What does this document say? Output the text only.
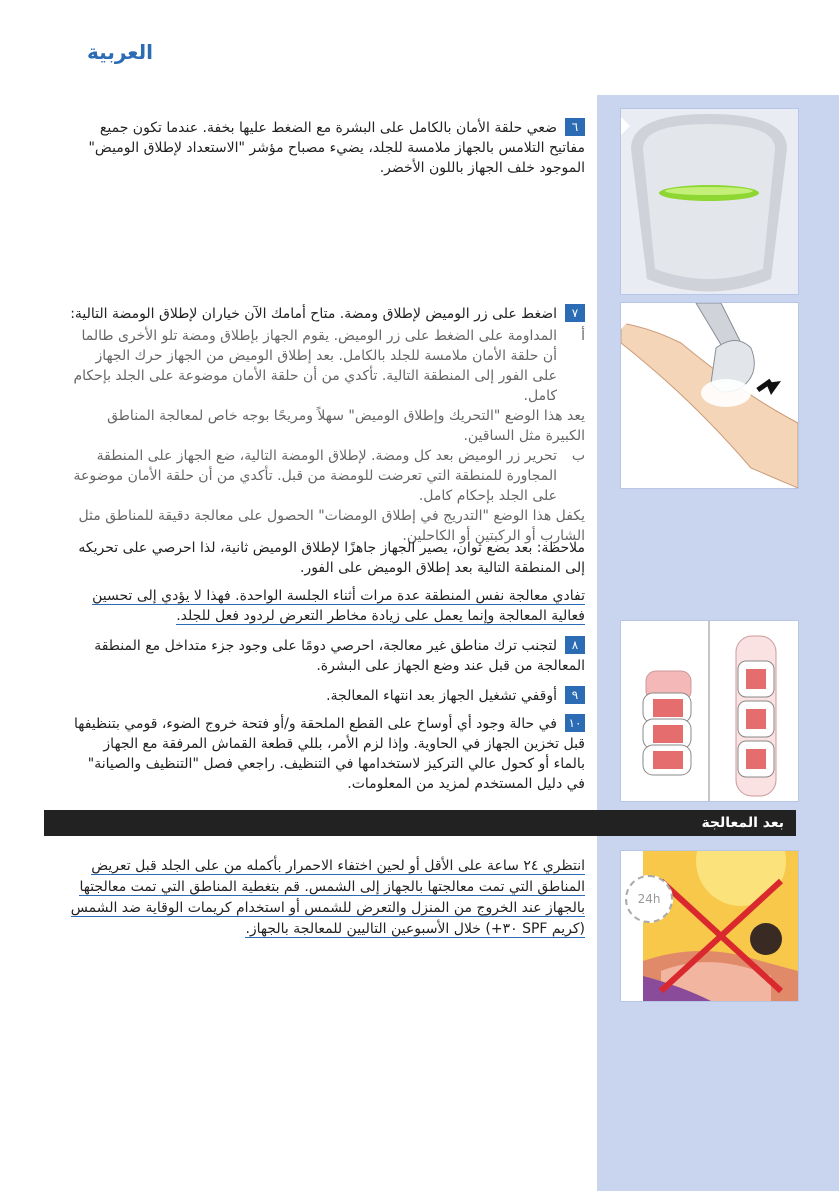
العربية
٦ضعي حلقة الأمان بالكامل على البشرة مع الضغط عليها بخفة. عندما تكون جميع مفاتيح التلامس بالجهاز ملامسة للجلد، يضيء مصباح مؤشر "الاستعداد لإطلاق الوميض" الموجود خلف الجهاز باللون الأخضر.
٧اضغط على زر الوميض لإطلاق ومضة. متاح أمامك الآن خياران لإطلاق الومضة التالية:
أ
المداومة على الضغط على زر الوميض. يقوم الجهاز بإطلاق ومضة تلو الأخرى طالما أن حلقة الأمان ملامسة للجلد بالكامل. بعد إطلاق الوميض من الجهاز حرك الجهاز على الفور إلى المنطقة التالية. تأكدي من أن حلقة الأمان موضوعة على الجلد بإحكام كامل.
يعد هذا الوضع "التحريك وإطلاق الوميض" سهلاً ومريحًا بوجه خاص لمعالجة المناطق الكبيرة مثل الساقين.
ب
تحرير زر الوميض بعد كل ومضة. لإطلاق الومضة التالية، ضع الجهاز على المنطقة المجاورة للمنطقة التي تعرضت للومضة من قبل. تأكدي من أن حلقة الأمان موضوعة على الجلد بإحكام كامل.
يكفل هذا الوضع "التدريج في إطلاق الومضات" الحصول على معالجة دقيقة للمناطق مثل الشارب أو الركبتين أو الكاحلين.
ملاحظة: بعد بضع ثوان، يصير الجهاز جاهزًا لإطلاق الوميض ثانية، لذا احرصي على تحريكه إلى المنطقة التالية بعد إطلاق الوميض على الفور.
تفادي معالجة نفس المنطقة عدة مرات أثناء الجلسة الواحدة. فهذا لا يؤدي إلى تحسين فعالية المعالجة وإنما يعمل على زيادة مخاطر التعرض لردود فعل للجلد.
٨لتجنب ترك مناطق غير معالجة، احرصي دومًا على وجود جزء متداخل مع المنطقة المعالجة من قبل عند وضع الجهاز على البشرة.
٩أوقفي تشغيل الجهاز بعد انتهاء المعالجة.
١٠في حالة وجود أي أوساخ على القطع الملحقة و/أو فتحة خروج الضوء، قومي بتنظيفها قبل تخزين الجهاز في الحاوية. وإذا لزم الأمر، بللي قطعة القماش المرفقة مع الجهاز بالماء أو كحول عالي التركيز لاستخدامها في التنظيف. راجعي فصل "التنظيف والصيانة" في دليل المستخدم لمزيد من المعلومات.
بعد المعالجة
انتظري ٢٤ ساعة على الأقل أو لحين اختفاء الاحمرار بأكمله من على الجلد قبل تعريض المناطق التي تمت معالجتها بالجهاز إلى الشمس. قم بتغطية المناطق التي تمت معالجتها بالجهاز عند الخروج من المنزل والتعرض للشمس أو استخدام كريمات الوقاية ضد الشمس (كريم SPF ٣٠+) خلال الأسبوعين التاليين للمعالجة بالجهاز.
24h
